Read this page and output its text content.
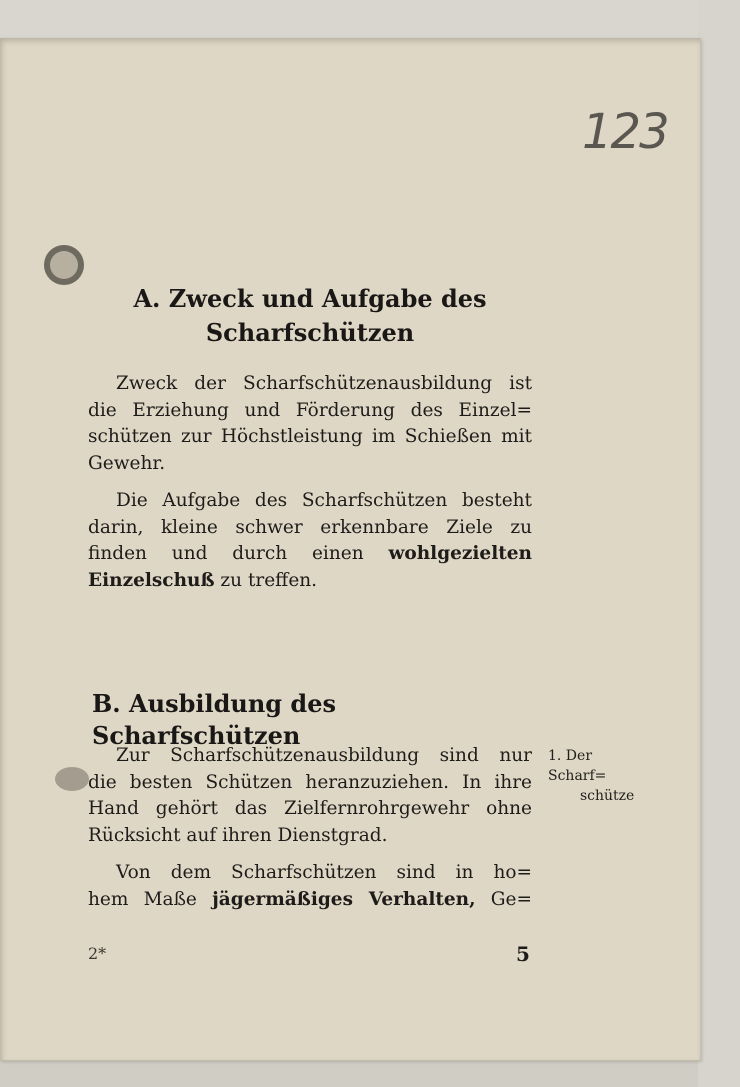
123
A. Zweck und Aufgabe des
Scharfschützen

Zweck der Scharfschützenausbildung ist
die Erziehung und Förderung des Einzel=
schützen zur Höchstleistung im Schießen mit
Gewehr.

Die Aufgabe des Scharfschützen besteht
darin, kleine schwer erkennbare Ziele zu
finden und durch einen wohlgezielten
Einzelschuß zu treffen.

B. Ausbildung des Scharfschützen

Zur Scharfschützenausbildung sind nur
die besten Schützen heranzuziehen. In ihre
Hand gehört das Zielfernrohrgewehr ohne
Rücksicht auf ihren Dienstgrad.

1. Der Scharf=
schütze

Von dem Scharfschützen sind in ho=
hem Maße jägermäßiges Verhalten, Ge=

2*	5
